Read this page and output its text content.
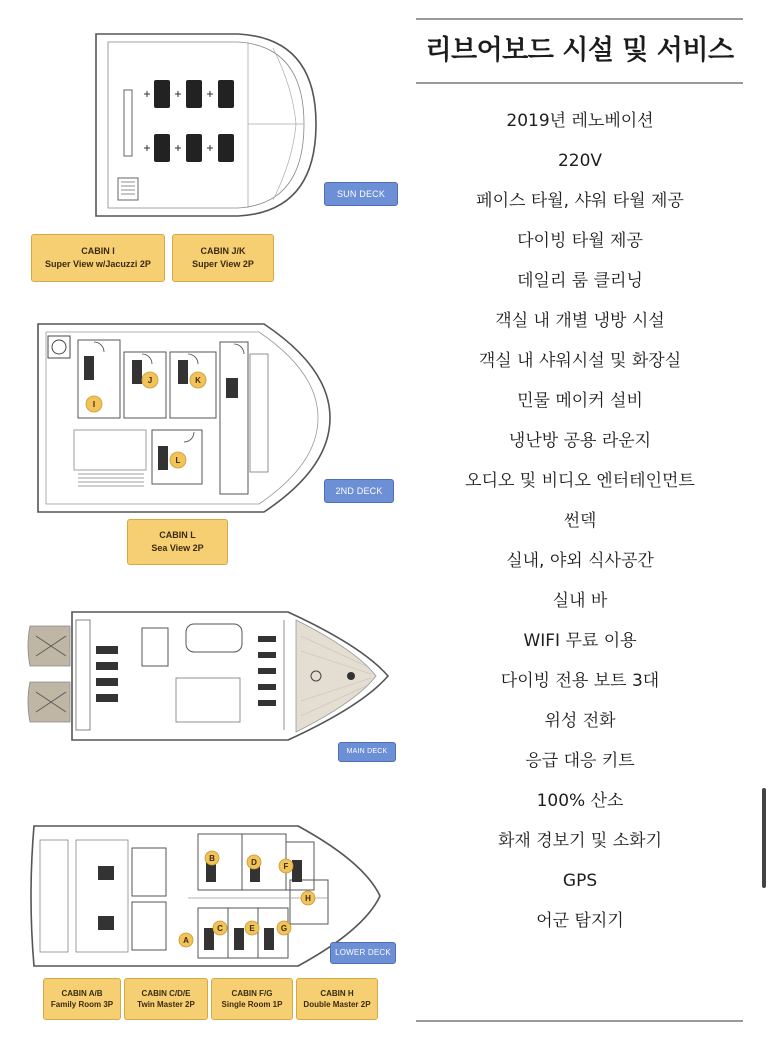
SUN DECK
CABIN I
Super View w/Jacuzzi 2P
CABIN J/K
Super View 2P
I
J	K
L
2ND DECK
CABIN L
Sea View 2P
MAIN DECK
B	D	F
H
A
C	E	G
LOWER DECK
CABIN A/B
Family Room 3P
CABIN C/D/E
Twin Master 2P
CABIN F/G
Single Room 1P
CABIN H
Double Master 2P
리브어보드 시설 및 서비스
2019년 레노베이션
220V
페이스 타월, 샤워 타월 제공
다이빙 타월 제공
데일리 룸 클리닝
객실 내 개별 냉방 시설
객실 내 샤워시설 및 화장실
민물 메이커 설비
냉난방 공용 라운지
오디오 및 비디오 엔터테인먼트
썬덱
실내, 야외 식사공간
실내 바
WIFI 무료 이용
다이빙 전용 보트 3대
위성 전화
응급 대응 키트
100% 산소
화재 경보기 및 소화기
GPS
어군 탐지기
